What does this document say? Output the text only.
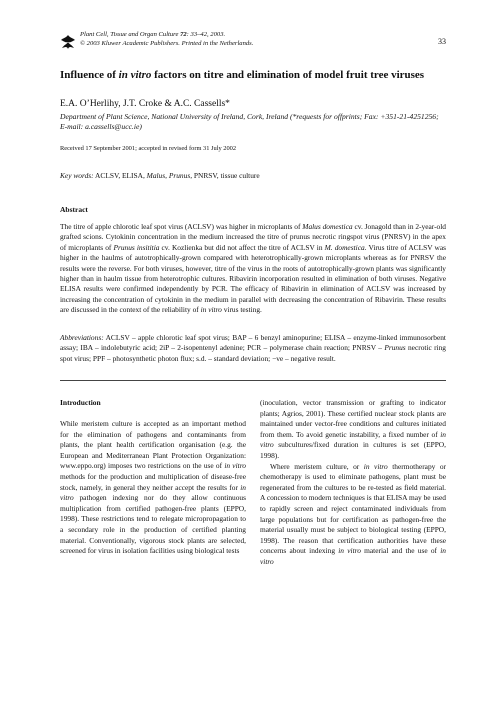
Plant Cell, Tissue and Organ Culture 72: 33–42, 2003.
© 2003 Kluwer Academic Publishers. Printed in the Netherlands.	33
Influence of in vitro factors on titre and elimination of model fruit tree viruses
E.A. O’Herlihy, J.T. Croke & A.C. Cassells*
Department of Plant Science, National University of Ireland, Cork, Ireland (*requests for offprints; Fax: +351-21-4251256; E-mail: a.cassells@ucc.ie)
Received 17 September 2001; accepted in revised form 31 July 2002
Key words: ACLSV, ELISA, Malus, Prunus, PNRSV, tissue culture
Abstract
The titre of apple chlorotic leaf spot virus (ACLSV) was higher in microplants of Malus domestica cv. Jonagold than in 2-year-old grafted scions. Cytokinin concentration in the medium increased the titre of prunus necrotic ringspot virus (PNRSV) in the apex of microplants of Prunus insititia cv. Kozlienka but did not affect the titre of ACLSV in M. domestica. Virus titre of ACLSV was higher in the haulms of autotrophically-grown compared with heterotrophically-grown microplants whereas as for PNRSV the results were the reverse. For both viruses, however, titre of the virus in the roots of autotrophically-grown plants was significantly higher than in haulm tissue from heterotrophic cultures. Ribavirin incorporation resulted in elimination of both viruses. Negative ELISA results were confirmed independently by PCR. The efficacy of Ribavirin in elimination of ACLSV was increased by increasing the concentration of cytokinin in the medium in parallel with decreasing the concentration of Ribavirin. These results are discussed in the context of the reliability of in vitro virus testing.
Abbreviations: ACLSV – apple chlorotic leaf spot virus; BAP – 6 benzyl aminopurine; ELISA – enzyme-linked immunosorbent assay; IBA – indolebutyric acid; 2iP – 2-isopentenyl adenine; PCR – polymerase chain reaction; PNRSV – Prunus necrotic ring spot virus; PPF – photosynthetic photon flux; s.d. – standard deviation; −ve – negative result.
Introduction
While meristem culture is accepted as an important method for the elimination of pathogens and contaminants from plants, the plant health certification organisation (e.g. the European and Mediterranean Plant Protection Organization: www.eppo.org) imposes two restrictions on the use of in vitro methods for the production and multiplication of disease-free stock, namely, in general they neither accept the results for in vitro pathogen indexing nor do they allow continuous multiplication from certified pathogen-free plants (EPPO, 1998). These restrictions tend to relegate micropropagation to a secondary role in the production of certified planting material. Conventionally, vigorous stock plants are selected, screened for virus in isolation facilities using biological tests

(inoculation, vector transmission or grafting to indicator plants; Agrios, 2001). These certified nuclear stock plants are maintained under vector-free conditions and cultures initiated from them. To avoid genetic instability, a fixed number of in vitro subcultures/fixed duration in cultures is set (EPPO, 1998).

Where meristem culture, or in vitro thermotherapy or chemotherapy is used to eliminate pathogens, plant must be regenerated from the cultures to be re-tested as field material. A concession to modern techniques is that ELISA may be used to rapidly screen and reject contaminated individuals from large populations but for certification as pathogen-free the material usually must be subject to biological testing (EPPO, 1998). The reason that certification authorities have these concerns about indexing in vitro material and the use of in vitro
